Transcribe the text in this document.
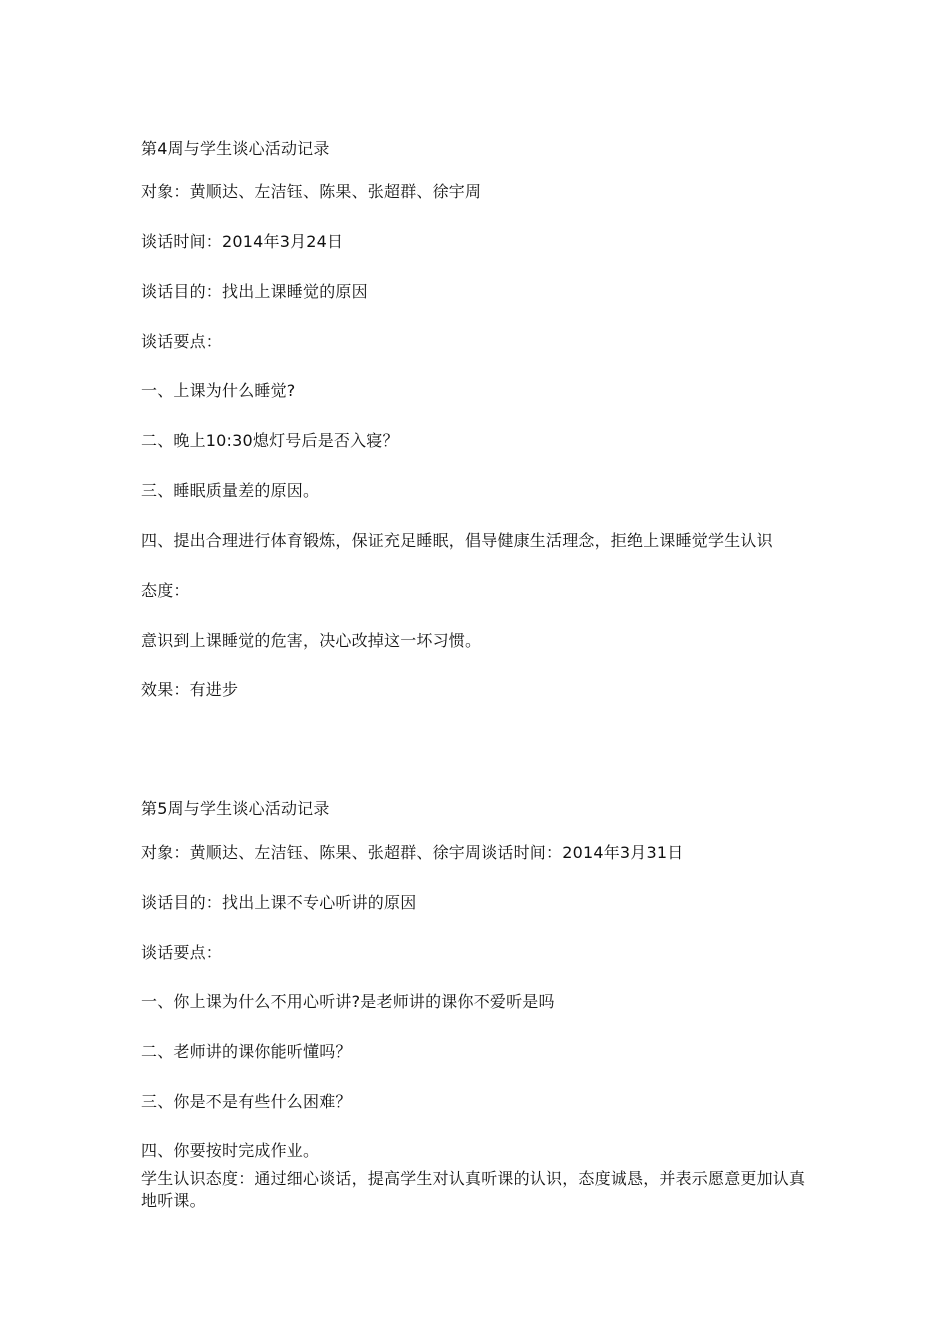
第4周与学生谈心活动记录
对象：黄顺达、左洁钰、陈果、张超群、徐宇周
谈话时间：2014年3月24日
谈话目的：找出上课睡觉的原因
谈话要点：
一、上课为什么睡觉?
二、晚上10:30熄灯号后是否入寝？
三、睡眠质量差的原因。
四、提出合理进行体育锻炼，保证充足睡眠，倡导健康生活理念，拒绝上课睡觉学生认识
态度：
意识到上课睡觉的危害，决心改掉这一坏习惯。
效果：有进步
第5周与学生谈心活动记录
对象：黄顺达、左洁钰、陈果、张超群、徐宇周谈话时间：2014年3月31日
谈话目的：找出上课不专心听讲的原因
谈话要点：
一、你上课为什么不用心听讲?是老师讲的课你不爱听是吗
二、老师讲的课你能听懂吗？
三、你是不是有些什么困难？
四、你要按时完成作业。
学生认识态度：通过细心谈话，提高学生对认真听课的认识，态度诚恳，并表示愿意更加认真地听课。
